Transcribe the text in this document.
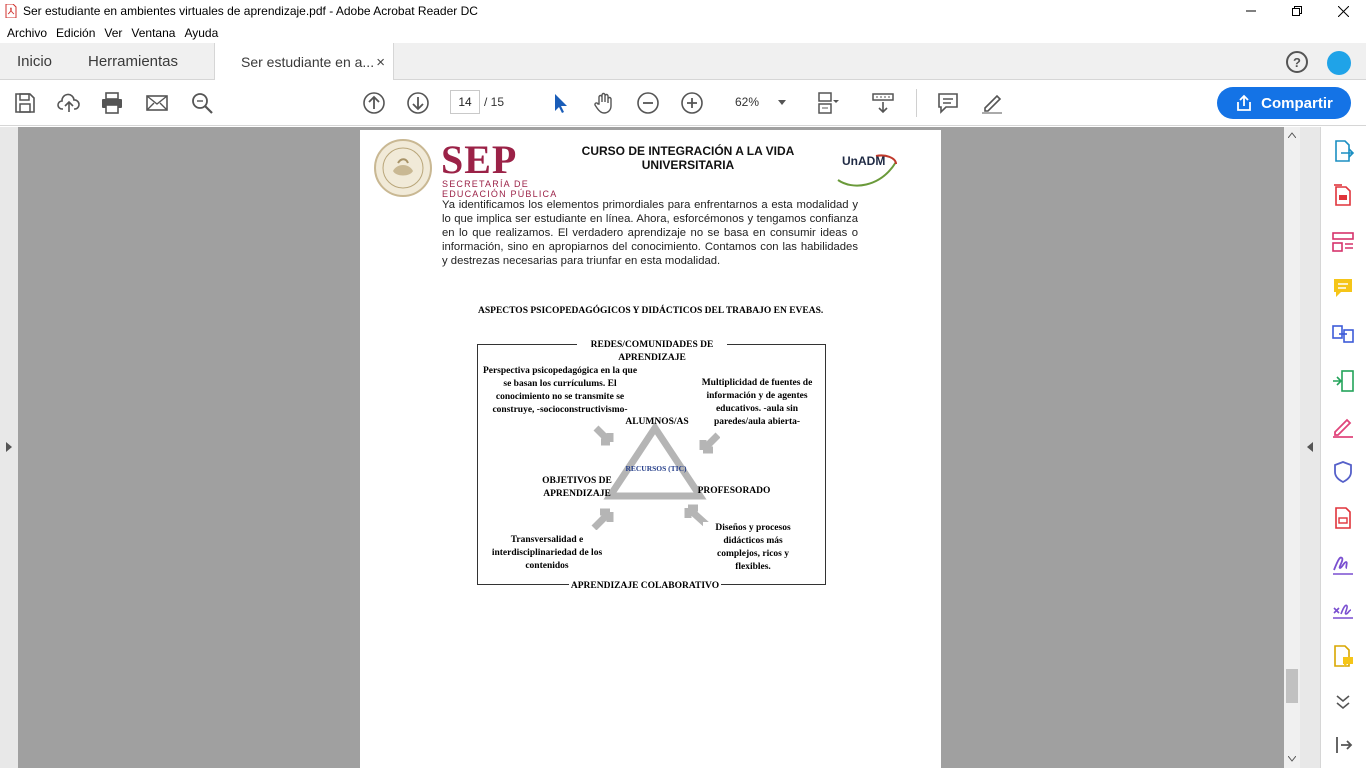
Ser estudiante en ambientes virtuales de aprendizaje.pdf - Adobe Acrobat Reader DC
Archivo Edición Ver Ventana Ayuda
Inicio Herramientas	Ser estudiante en a... ×	?
14	/ 15	62%	Compartir
SEP
SECRETARÍA DE
EDUCACIÓN PÚBLICA
CURSO DE INTEGRACIÓN A LA VIDA
UNIVERSITARIA	UnADM
Ya identificamos los elementos primordiales para enfrentarnos a esta modalidad y lo que implica ser estudiante en línea. Ahora, esforcémonos y tengamos confianza en lo que realizamos. El verdadero aprendizaje no se basa en consumir ideas o información, sino en apropiarnos del conocimiento. Contamos con las habilidades y destrezas necesarias para triunfar en esta modalidad.
ASPECTOS PSICOPEDAGÓGICOS Y DIDÁCTICOS DEL TRABAJO EN EVEAS.
REDES/COMUNIDADES DE APRENDIZAJE
Perspectiva psicopedagógica en la que se basan los currículums. El conocimiento no se transmite se construye, -socioconstructivismo-
Multiplicidad de fuentes de información y de agentes educativos. -aula sin paredes/aula abierta-
ALUMNOS/AS
RECURSOS (TIC)
OBJETIVOS DE APRENDIZAJE	PROFESORADO
Transversalidad e interdisciplinariedad de los contenidos
Diseños y procesos didácticos más complejos, ricos y flexibles.
APRENDIZAJE COLABORATIVO
